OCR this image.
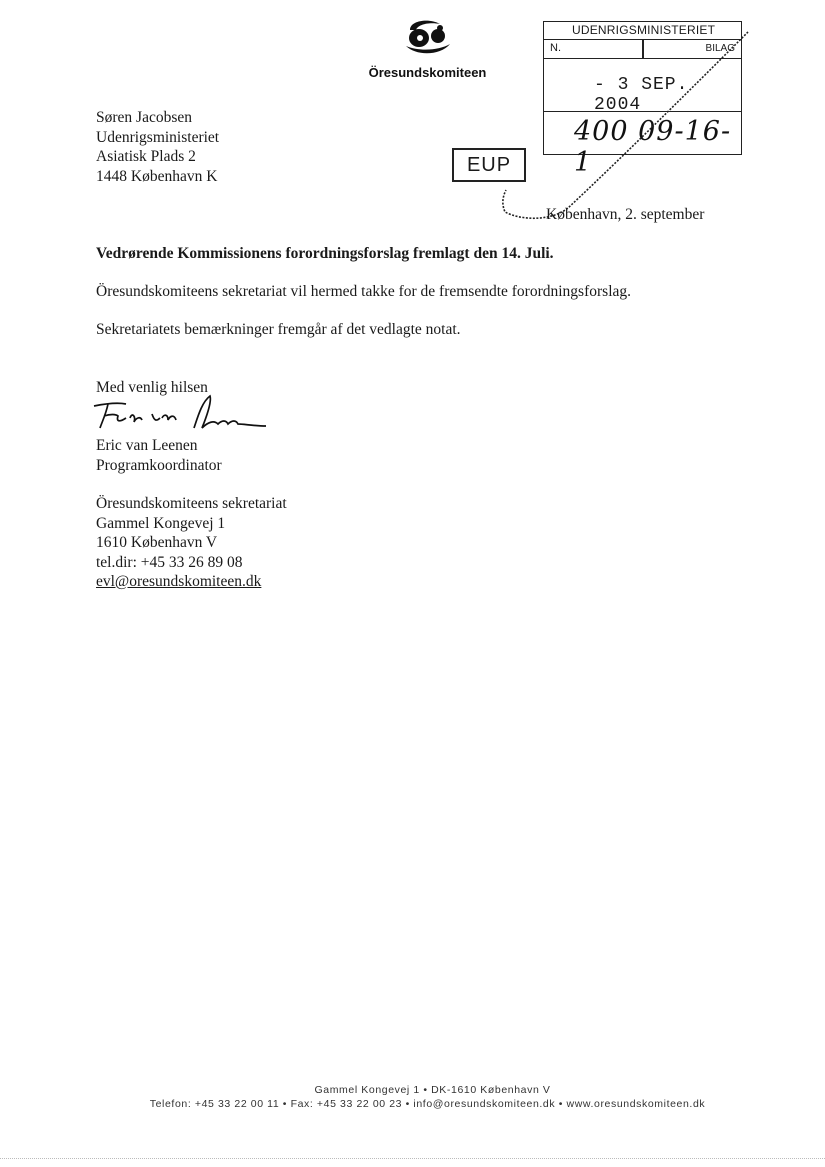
Öresundskomiteen
UDENRIGSMINISTERIET
N.	BILAG
- 3 SEP. 2004
400 09-16-1
EUP
Søren Jacobsen
Udenrigsministeriet
Asiatisk Plads 2
1448 København K
København, 2. september
Vedrørende Kommissionens forordningsforslag fremlagt den 14. Juli.
Öresundskomiteens sekretariat vil hermed takke for de fremsendte forordningsforslag.
Sekretariatets bemærkninger fremgår af det vedlagte notat.
Med venlig hilsen
Eric van Leenen
Programkoordinator
Öresundskomiteens sekretariat
Gammel Kongevej 1
1610 København V
tel.dir: +45 33 26 89 08
evl@oresundskomiteen.dk
Gammel Kongevej 1 • DK-1610 København V
Telefon: +45 33 22 00 11 • Fax: +45 33 22 00 23 • info@oresundskomiteen.dk • www.oresundskomiteen.dk
